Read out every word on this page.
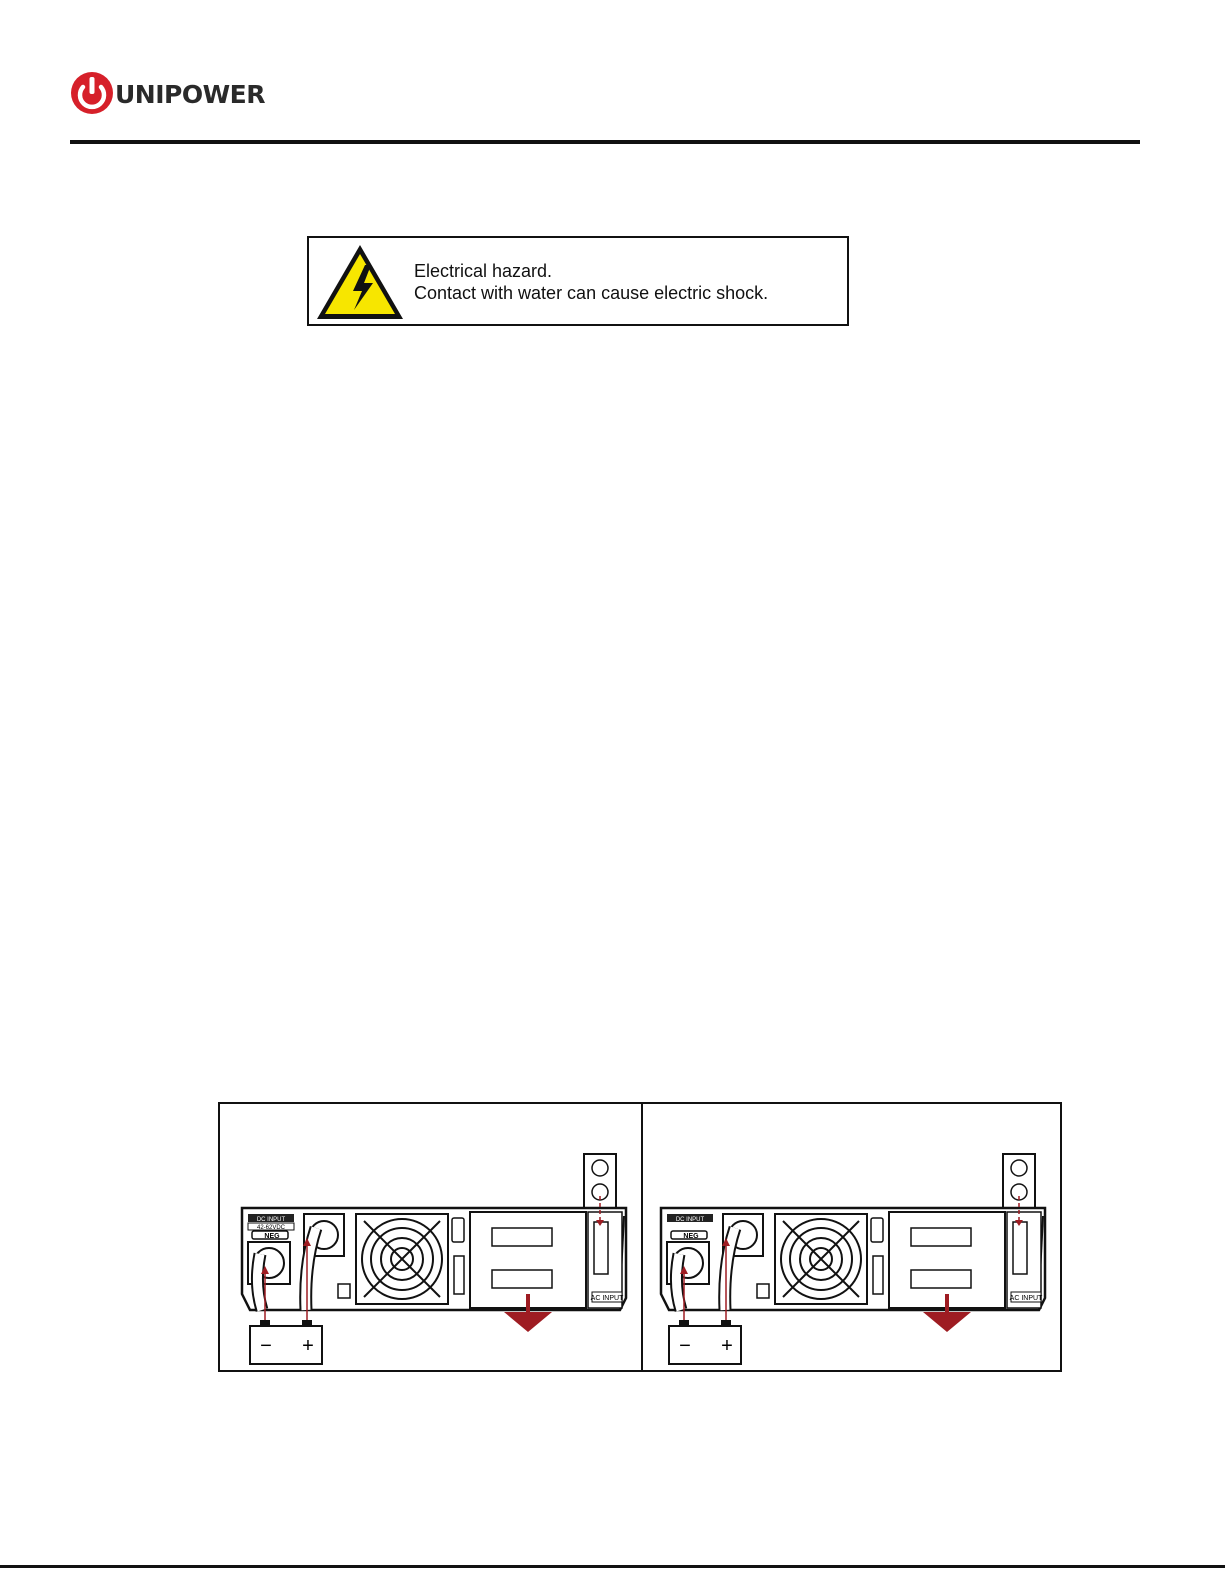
UNIPOWER
Electrical hazard.
Contact with water can cause electric shock.
DC INPUT
42-62VDC
NEG
AC INPUT
− +
DC INPUT
NEG
AC INPUT
− +
